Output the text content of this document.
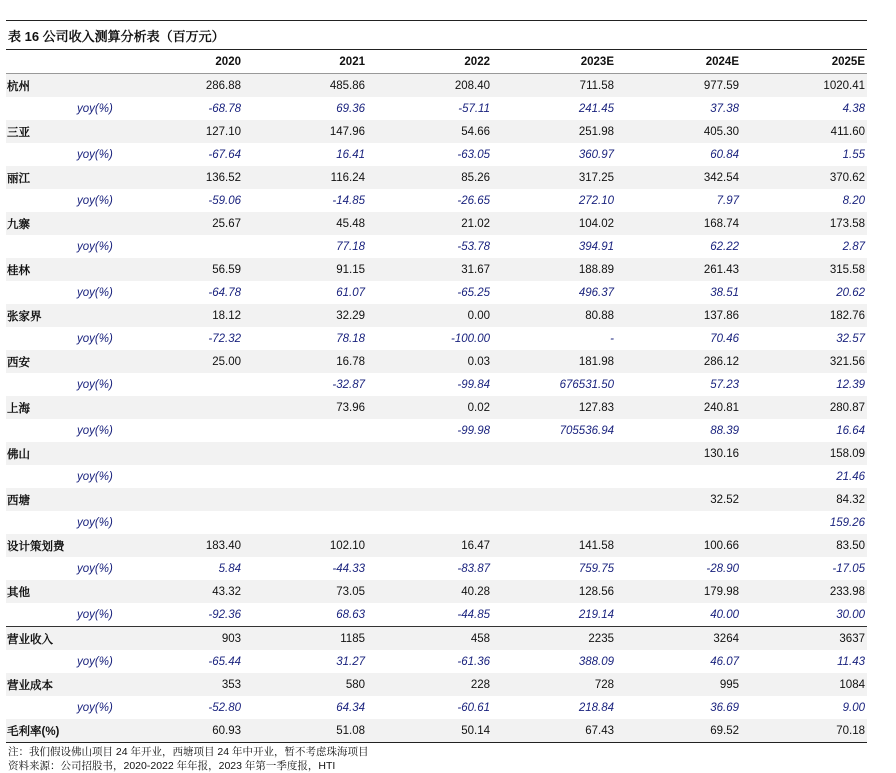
表 16 公司收入测算分析表（百万元）
	2020	2021	2022	2023E	2024E	2025E
杭州	286.88	485.86	208.40	711.58	977.59	1020.41
yoy(%)	-68.78	69.36	-57.11	241.45	37.38	4.38
三亚	127.10	147.96	54.66	251.98	405.30	411.60
yoy(%)	-67.64	16.41	-63.05	360.97	60.84	1.55
丽江	136.52	116.24	85.26	317.25	342.54	370.62
yoy(%)	-59.06	-14.85	-26.65	272.10	7.97	8.20
九寨	25.67	45.48	21.02	104.02	168.74	173.58
yoy(%)		77.18	-53.78	394.91	62.22	2.87
桂林	56.59	91.15	31.67	188.89	261.43	315.58
yoy(%)	-64.78	61.07	-65.25	496.37	38.51	20.62
张家界	18.12	32.29	0.00	80.88	137.86	182.76
yoy(%)	-72.32	78.18	-100.00	-	70.46	32.57
西安	25.00	16.78	0.03	181.98	286.12	321.56
yoy(%)		-32.87	-99.84	676531.50	57.23	12.39
上海		73.96	0.02	127.83	240.81	280.87
yoy(%)			-99.98	705536.94	88.39	16.64
佛山					130.16	158.09
yoy(%)						21.46
西塘					32.52	84.32
yoy(%)						159.26
设计策划费	183.40	102.10	16.47	141.58	100.66	83.50
yoy(%)	5.84	-44.33	-83.87	759.75	-28.90	-17.05
其他	43.32	73.05	40.28	128.56	179.98	233.98
yoy(%)	-92.36	68.63	-44.85	219.14	40.00	30.00
营业收入	903	1185	458	2235	3264	3637
yoy(%)	-65.44	31.27	-61.36	388.09	46.07	11.43
营业成本	353	580	228	728	995	1084
yoy(%)	-52.80	64.34	-60.61	218.84	36.69	9.00
毛利率(%)	60.93	51.08	50.14	67.43	69.52	70.18
注：我们假设佛山项目 24 年开业，西塘项目 24 年中开业，暂不考虑珠海项目
资料来源：公司招股书，2020-2022 年年报，2023 年第一季度报，HTI
